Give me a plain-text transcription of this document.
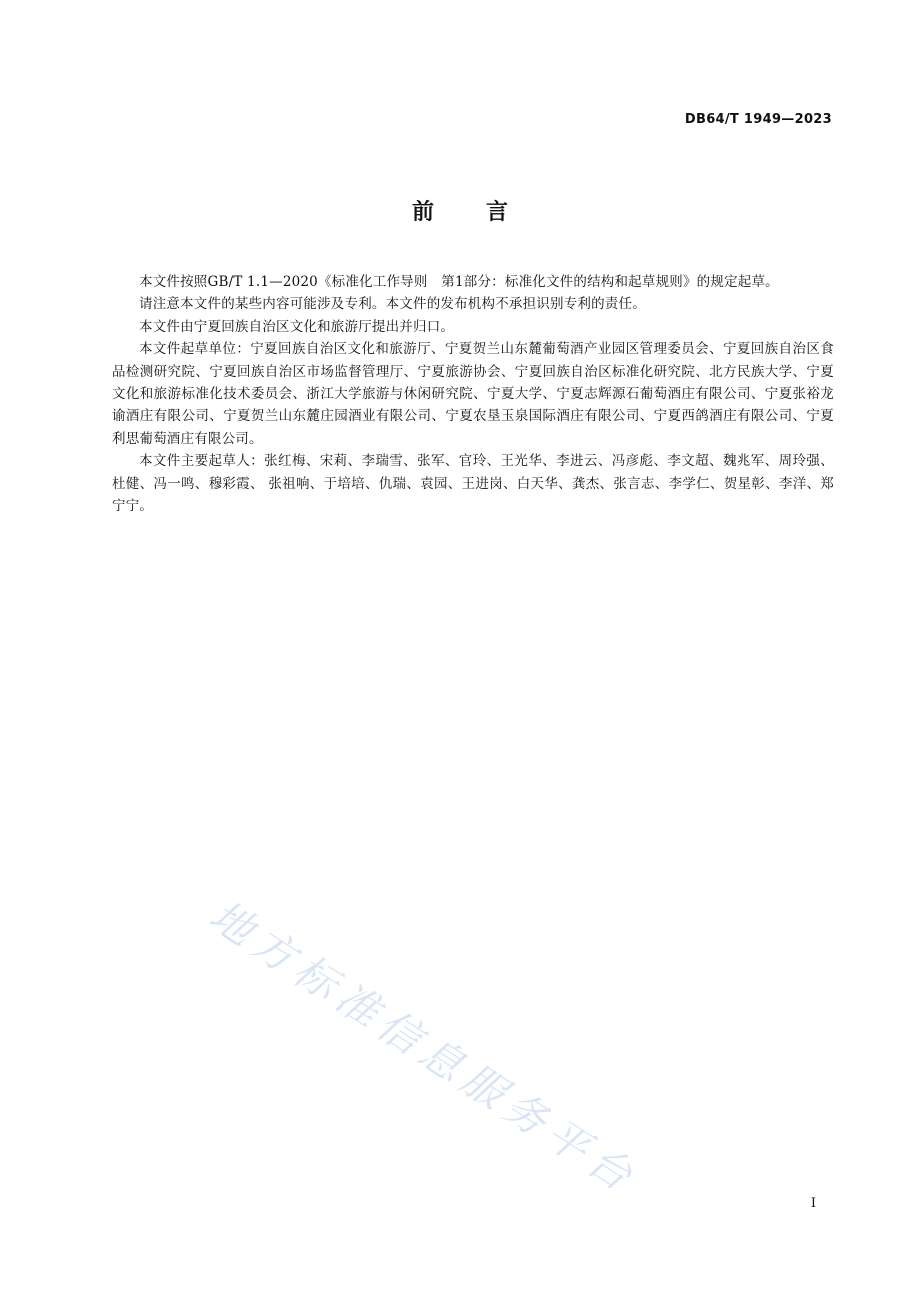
DB64/T 1949—2023
前言

本文件按照GB/T 1.1—2020《标准化工作导则　第1部分：标准化文件的结构和起草规则》的规定起草。

请注意本文件的某些内容可能涉及专利。本文件的发布机构不承担识别专利的责任。

本文件由宁夏回族自治区文化和旅游厅提出并归口。

本文件起草单位：宁夏回族自治区文化和旅游厅、宁夏贺兰山东麓葡萄酒产业园区管理委员会、宁夏回族自治区食品检测研究院、宁夏回族自治区市场监督管理厅、宁夏旅游协会、宁夏回族自治区标准化研究院、北方民族大学、宁夏文化和旅游标准化技术委员会、浙江大学旅游与休闲研究院、宁夏大学、宁夏志辉源石葡萄酒庄有限公司、宁夏张裕龙谕酒庄有限公司、宁夏贺兰山东麓庄园酒业有限公司、宁夏农垦玉泉国际酒庄有限公司、宁夏西鸽酒庄有限公司、宁夏利思葡萄酒庄有限公司。

本文件主要起草人：张红梅、宋莉、李瑞雪、张军、官玲、王光华、李进云、冯彦彪、李文超、魏兆军、周玲强、杜健、冯一鸣、穆彩霞、 张祖响、于培培、仇瑞、袁园、王进岗、白天华、龚杰、张言志、李学仁、贺星彰、李洋、郑宁宁。

地方标准信息服务平台	I
